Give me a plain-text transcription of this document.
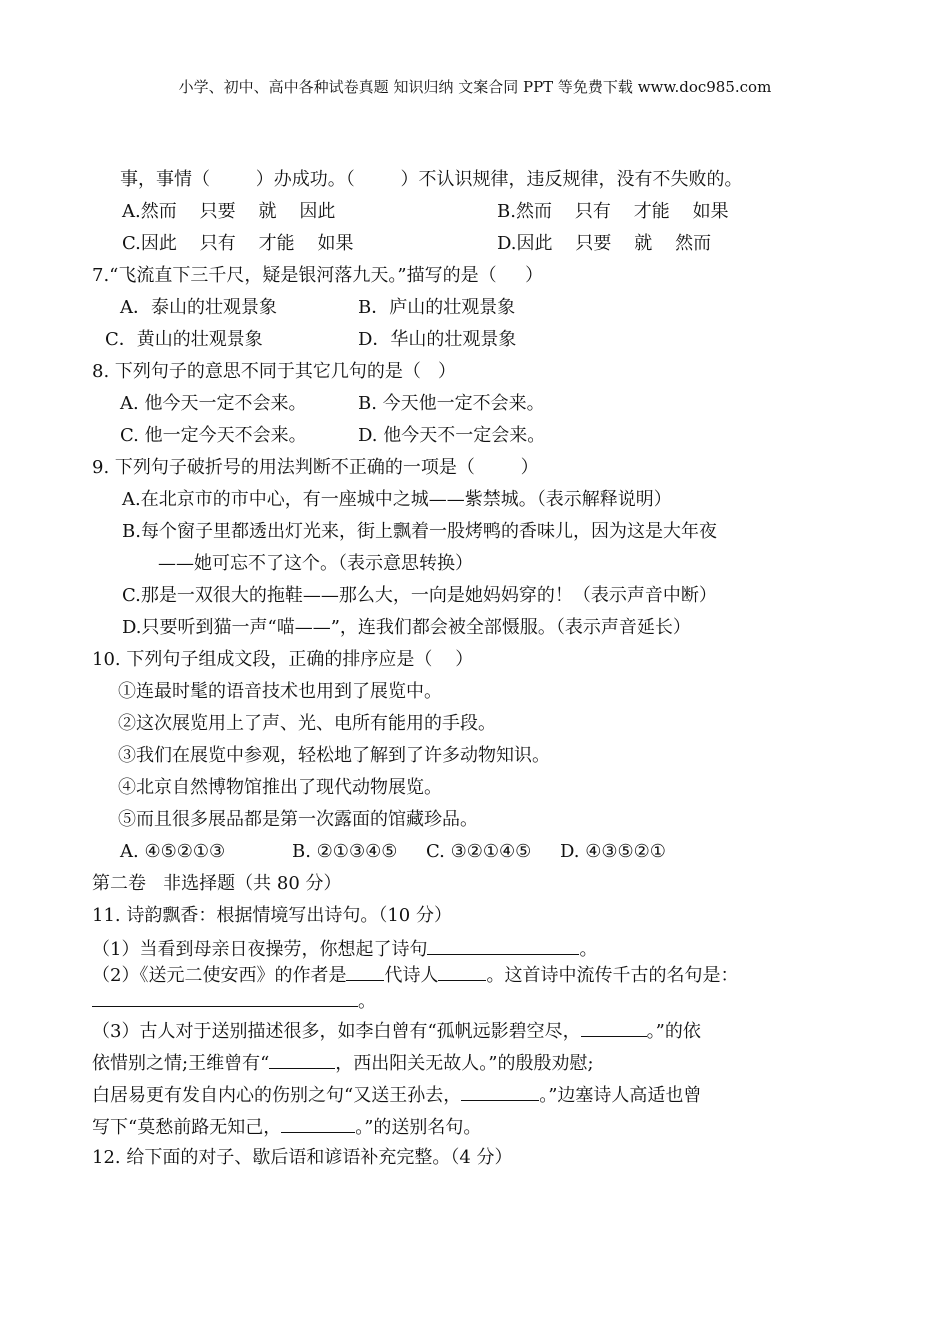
小学、初中、高中各种试卷真题 知识归纳 文案合同 PPT 等免费下载 www.doc985.com
事，事情（        ）办成功。（        ）不认识规律，违反规律，没有不失败的。
A.然而    只要    就    因此	B.然而    只有    才能    如果
C.因此    只有    才能    如果	D.因此    只要    就    然而
7.“飞流直下三千尺，疑是银河落九天。”描写的是（     ）
A．泰山的壮观景象	B．庐山的壮观景象
C．黄山的壮观景象	D．华山的壮观景象
8. 下列句子的意思不同于其它几句的是（   ）
A. 他今天一定不会来。	B. 今天他一定不会来。
C. 他一定今天不会来。	D. 他今天不一定会来。
9. 下列句子破折号的用法判断不正确的一项是（        ）
A.在北京市的市中心，有一座城中之城——紫禁城。（表示解释说明）
B.每个窗子里都透出灯光来，街上飘着一股烤鸭的香味儿，因为这是大年夜
——她可忘不了这个。（表示意思转换）
C.那是一双很大的拖鞋——那么大，一向是她妈妈穿的！（表示声音中断）
D.只要听到猫一声“喵——”，连我们都会被全部慑服。（表示声音延长）
10. 下列句子组成文段，正确的排序应是（    ）
①连最时髦的语音技术也用到了展览中。
②这次展览用上了声、光、电所有能用的手段。
③我们在展览中参观，轻松地了解到了许多动物知识。
④北京自然博物馆推出了现代动物展览。
⑤而且很多展品都是第一次露面的馆藏珍品。
A. ④⑤②①③	B. ②①③④⑤ C. ③②①④⑤ D. ④③⑤②①
第二卷   非选择题（共 80 分）
11. 诗韵飘香：根据情境写出诗句。（10 分）
（1）当看到母亲日夜操劳，你想起了诗句	。
（2）《送元二使安西》的作者是 代诗人	。这首诗中流传千古的名句是：
。
（3）古人对于送别描述很多，如李白曾有“孤帆远影碧空尽，	。”的依
依惜别之情;王维曾有“	，西出阳关无故人。”的殷殷劝慰;
白居易更有发自内心的伤别之句“又送王孙去，	。”边塞诗人高适也曾
写下“莫愁前路无知己，	。”的送别名句。
12. 给下面的对子、歇后语和谚语补充完整。（4 分）
